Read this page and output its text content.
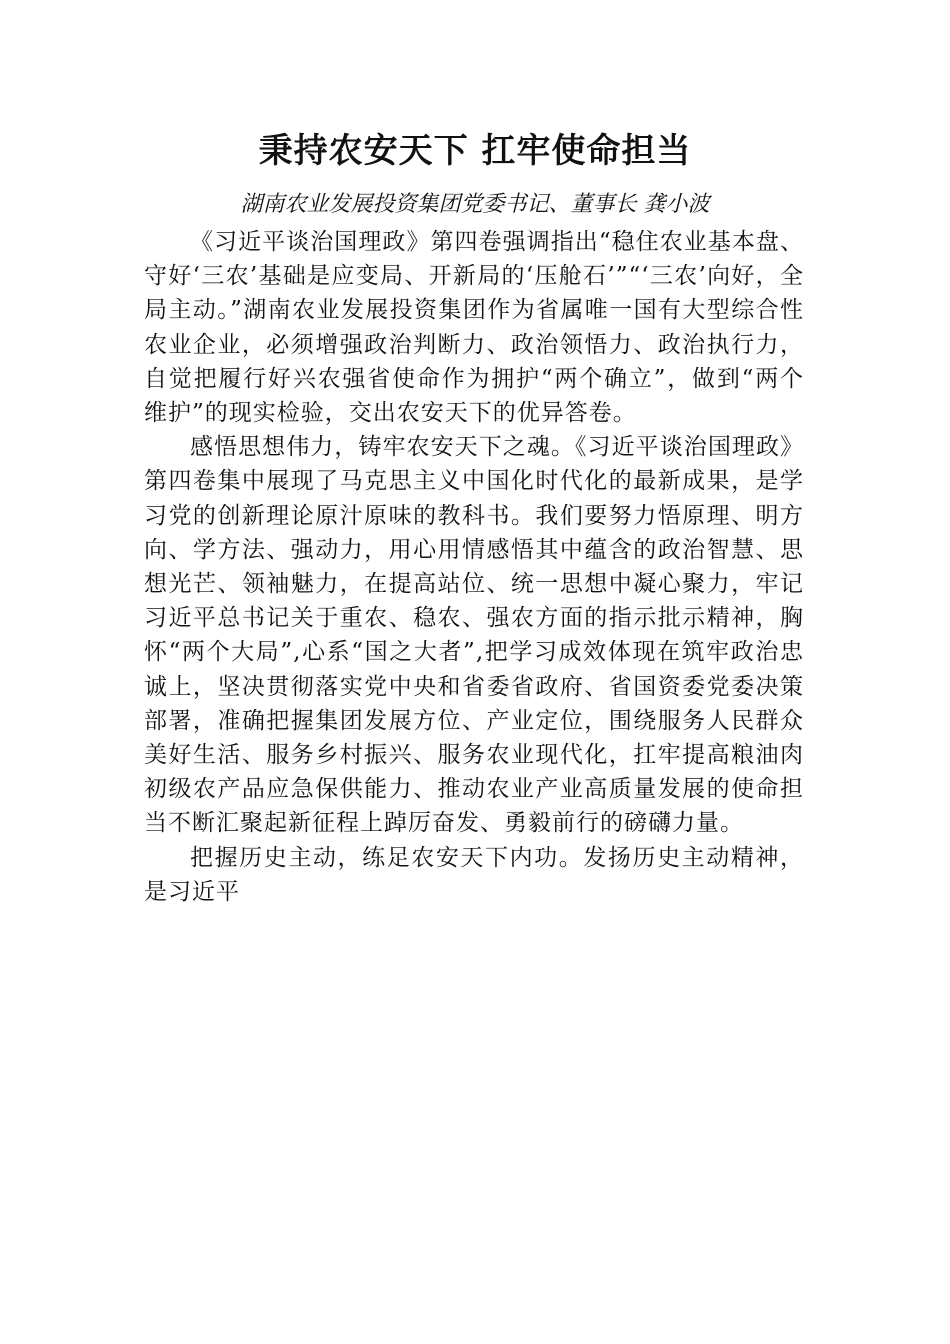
秉持农安天下 扛牢使命担当
湖南农业发展投资集团党委书记、董事长 龚小波

《习近平谈治国理政》第四卷强调指出“稳住农业基本盘、守好‘三农’基础是应变局、开新局的‘压舱石’”“‘三农’向好，全局主动。”湖南农业发展投资集团作为省属唯一国有大型综合性农业企业，必须增强政治判断力、政治领悟力、政治执行力，自觉把履行好兴农强省使命作为拥护“两个确立”，做到“两个维护”的现实检验，交出农安天下的优异答卷。

感悟思想伟力，铸牢农安天下之魂。《习近平谈治国理政》第四卷集中展现了马克思主义中国化时代化的最新成果，是学习党的创新理论原汁原味的教科书。我们要努力悟原理、明方向、学方法、强动力，用心用情感悟其中蕴含的政治智慧、思想光芒、领袖魅力，在提高站位、统一思想中凝心聚力，牢记习近平总书记关于重农、稳农、强农方面的指示批示精神，胸怀“两个大局”,心系“国之大者”,把学习成效体现在筑牢政治忠诚上，坚决贯彻落实党中央和省委省政府、省国资委党委决策部署，准确把握集团发展方位、产业定位，围绕服务人民群众美好生活、服务乡村振兴、服务农业现代化，扛牢提高粮油肉初级农产品应急保供能力、推动农业产业高质量发展的使命担当不断汇聚起新征程上踔厉奋发、勇毅前行的磅礴力量。

把握历史主动，练足农安天下内功。发扬历史主动精神，是习近平
